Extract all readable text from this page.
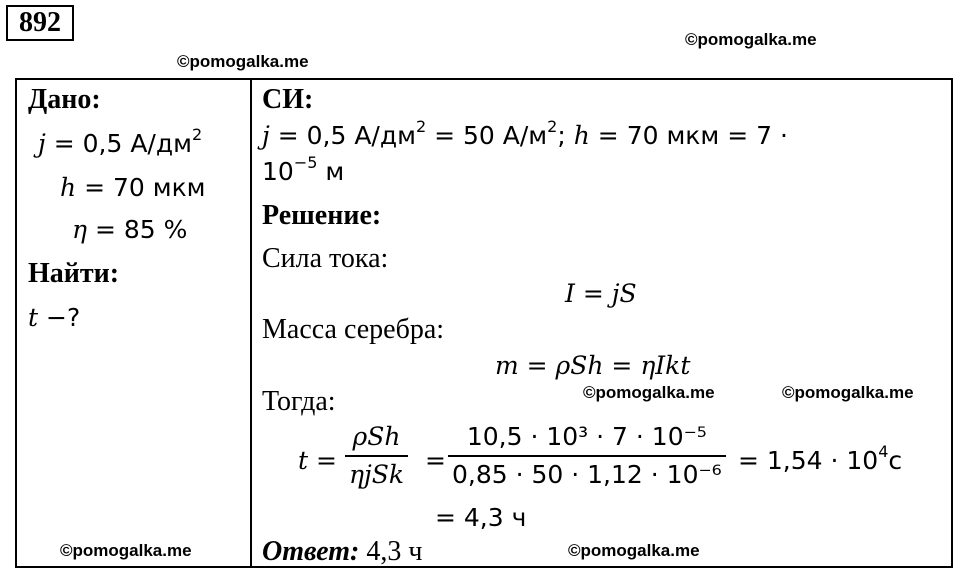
892
©pomogalka.me
©pomogalka.me
©pomogalka.me	©pomogalka.me
©pomogalka.me	©pomogalka.me
Дано:
j = 0,5 $А/дм^2$
h = 70 мкм
η = 85 %
Найти:
t −?
СИ:
j = 0,5 $А/дм^2 = 50$ $А/м^2$; h = 70 мкм = 7 ·
$10^{-5}$ м
Решение:
Сила тока:
I = jS
Масса серебра:
m = ρSh = ηIkt
Тогда:
t =
ρSh
ηjSk =
10,5 · 10³ · 7 · 10⁻⁵
$0,85 \cdot 50 \cdot 1,12 \cdot 10^{-6} = 1,54 \cdot 10^4с$
= 4,3 ч
Ответ: 4,3 ч
